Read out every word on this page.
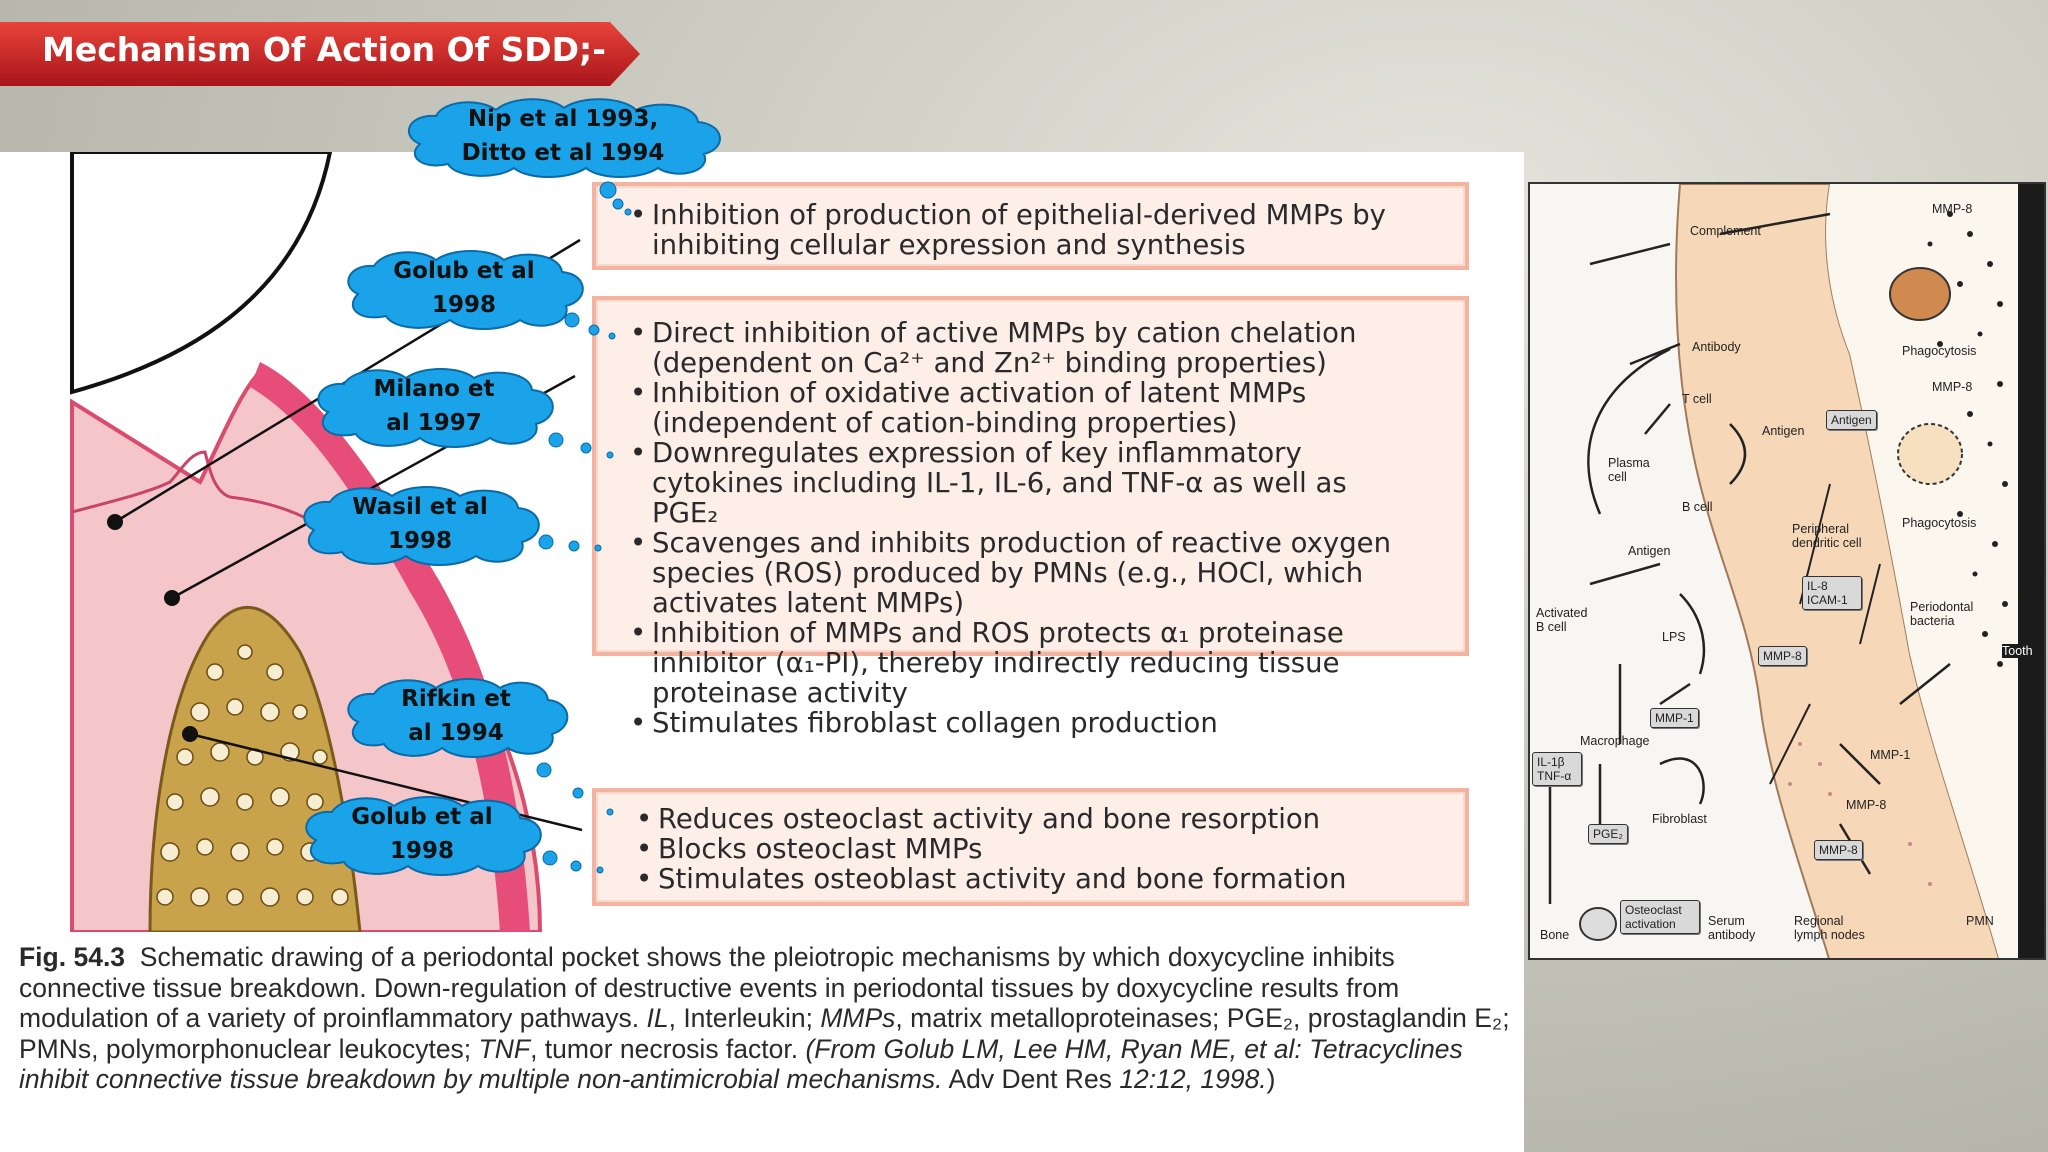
Mechanism Of Action Of SDD;-
• Inhibition of production of epithelial-derived MMPs by
inhibiting cellular expression and synthesis
• Direct inhibition of active MMPs by cation chelation
(dependent on Ca²⁺ and Zn²⁺ binding properties)
• Inhibition of oxidative activation of latent MMPs
(independent of cation-binding properties)
• Downregulates expression of key inflammatory
cytokines including IL-1, IL-6, and TNF-α as well as
PGE₂
• Scavenges and inhibits production of reactive oxygen
species (ROS) produced by PMNs (e.g., HOCl, which
activates latent MMPs)
• Inhibition of MMPs and ROS protects α₁ proteinase
inhibitor (α₁-PI), thereby indirectly reducing tissue
proteinase activity
• Stimulates fibroblast collagen production
• Reduces osteoclast activity and bone resorption
• Blocks osteoclast MMPs
• Stimulates osteoblast activity and bone formation
Fig. 54.3 Schematic drawing of a periodontal pocket shows the pleiotropic mechanisms by which doxycycline inhibits connective tissue breakdown. Down-regulation of destructive events in periodontal tissues by doxycycline results from modulation of a variety of proinflammatory pathways. IL, Interleukin; MMPs, matrix metalloproteinases; PGE₂, prostaglandin E₂; PMNs, polymorphonuclear leukocytes; TNF, tumor necrosis factor. (From Golub LM, Lee HM, Ryan ME, et al: Tetracyclines inhibit connective tissue breakdown by multiple non-antimicrobial mechanisms. Adv Dent Res 12:12, 1998.)
Nip et al 1993,
Ditto et al 1994
Golub et al
1998
Milano et
al 1997
Wasil et al
1998
Rifkin et
al 1994
Golub et al
1998
Complement
Antibody
T cell
Antigen
Antigen
Plasma cell
B cell
Antigen
Peripheral dendritic cell
Phagocytosis
MMP-8
MMP-8
Phagocytosis
Activated B cell
LPS
IL-8 ICAM-1	Periodontal bacteria
Tooth
MMP-8
MMP-1
MMP-1
Macrophage
IL-1β TNF-α
MMP-8
Fibroblast
PGE₂
MMP-8
Bone
Osteoclast activation	Serum antibody
Regional lymph nodes
PMN
